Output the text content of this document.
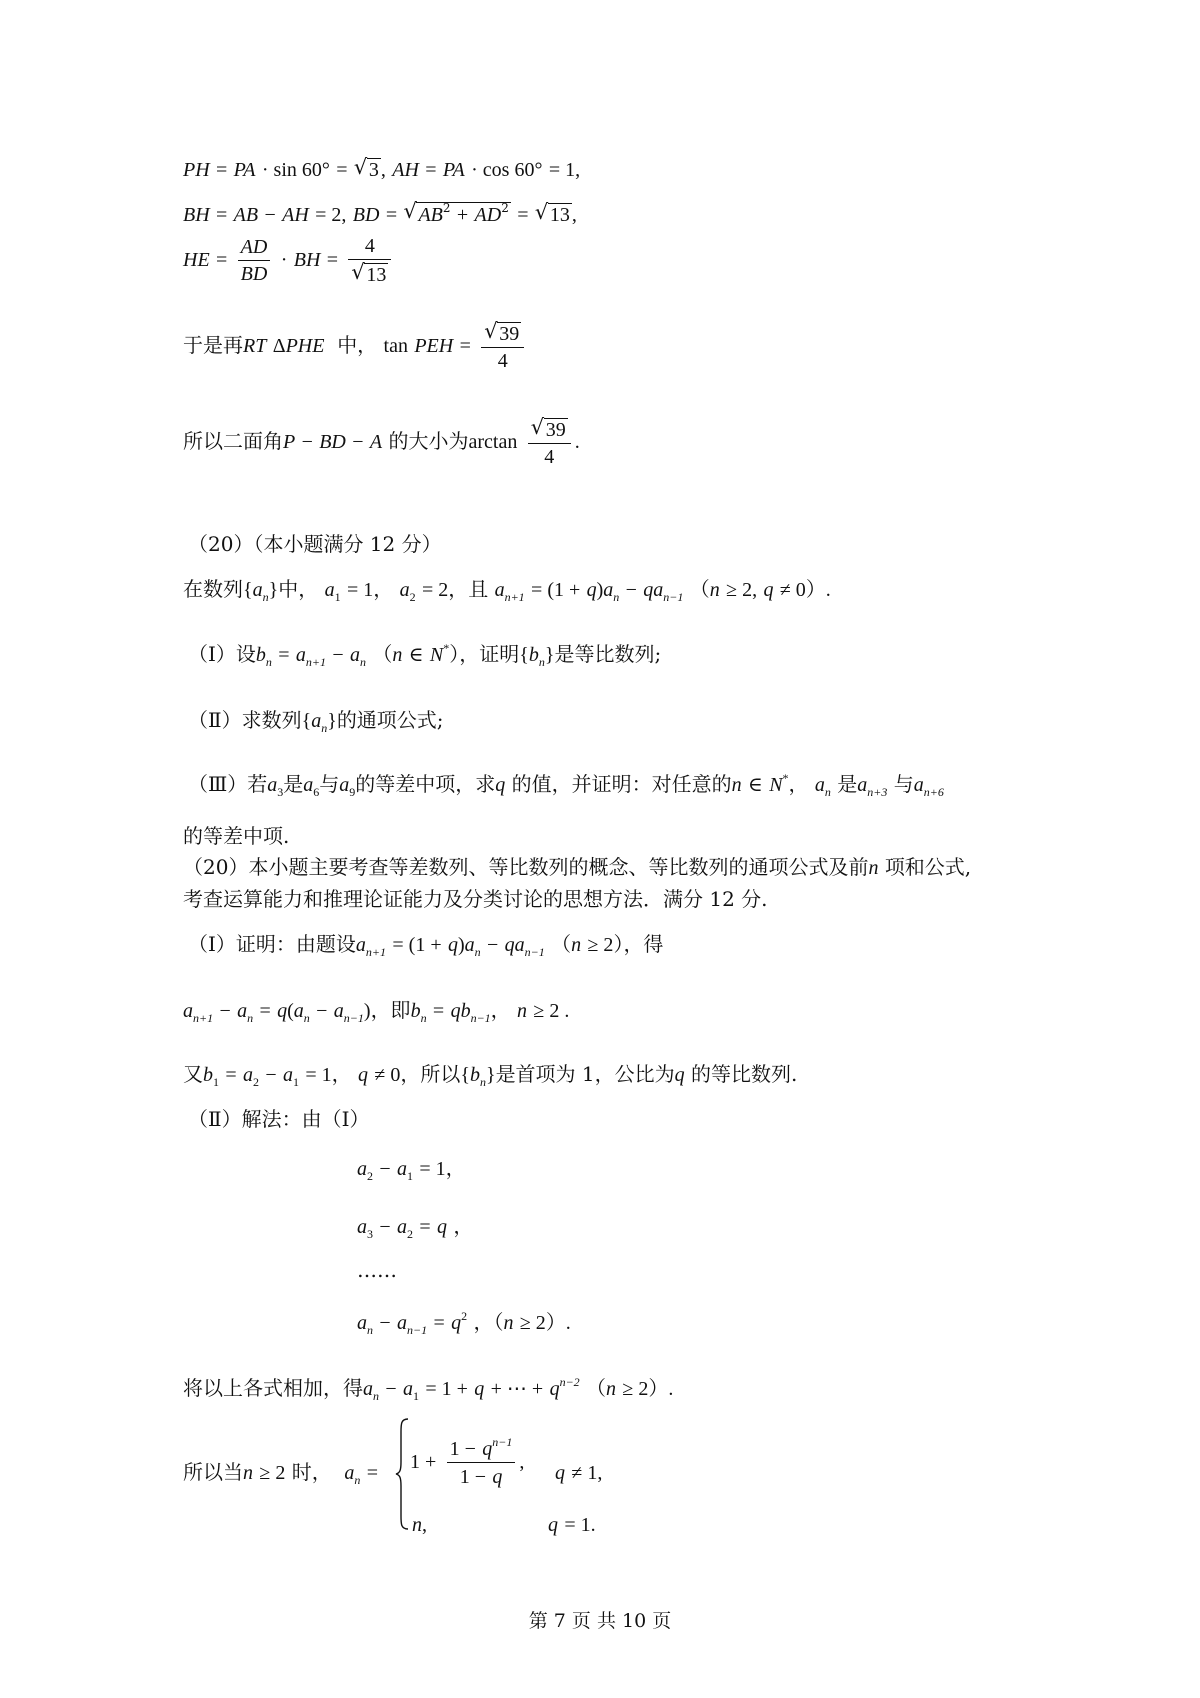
PH = PA · sin 60° = √ 3 , AH = PA · cos 60° = 1,
BH = AB − AH = 2, BD = √ $AB^2 + AD^2$ = √ 13 ,
HE = $\frac{AD}{BD}$ · BH = 4
√ 13
于是再RT ΔPHE 中， tan PEH = √ $\frac{39}{4}$
所以二面角P − BD − A 的大小为arctan √ $\frac{39}{4}$ .
（20）（本小题满分 12 分）
在数列$\{a_n\}$中， $a_1 = 1$， $a_2 = 2$，且 $a_{n+1} = (1 + q)a_n - qa_{n-1}$ （n ≥ 2, q ≠ 0）.
（Ⅰ）设$b_n = a_{n+1} - a_n$ （n ∈ N*），证明$\{b_n\}$是等比数列;
（Ⅱ）求数列$\{a_n\}$的通项公式;
（Ⅲ）若$a_3$是$a_6$与$a_9$的等差中项，求q 的值，并证明：对任意的n ∈ N*， $a_n$ 是$a_{n+3}$ 与$a_{n+6}$
的等差中项.
（20）本小题主要考查等差数列、等比数列的概念、等比数列的通项公式及前n 项和公式,
考查运算能力和推理论证能力及分类讨论的思想方法．满分 12 分.
（Ⅰ）证明：由题设$a_{n+1} = (1 + q)a_n - qa_{n-1}$ （n ≥ 2），得
$a_{n+1} - a_n = q(a_n - a_{n-1})$，即$b_n = qb_{n-1}$， n ≥ 2 .
又$b_1 = a_2 - a_1 = 1$， q ≠ 0，所以$\{b_n\}$是首项为 1，公比为q 的等比数列.
（Ⅱ）解法：由（Ⅰ）
$a_2 - a_1 = 1$，
$a_3 - a_2 = q$ ，
……
$a_n - a_{n-1} = q^2$ ，（n ≥ 2）.
将以上各式相加，得$a_n - a_1 = 1 + q$ + ⋯ + $q^{n-2}$ （n ≥ 2）.
所以当n ≥ 2 时， $a_n = 1 + \frac{1 - q^{n-1}}{1 - q}$ , q ≠ 1,
n,	q = 1.
第 7 页 共 10 页
